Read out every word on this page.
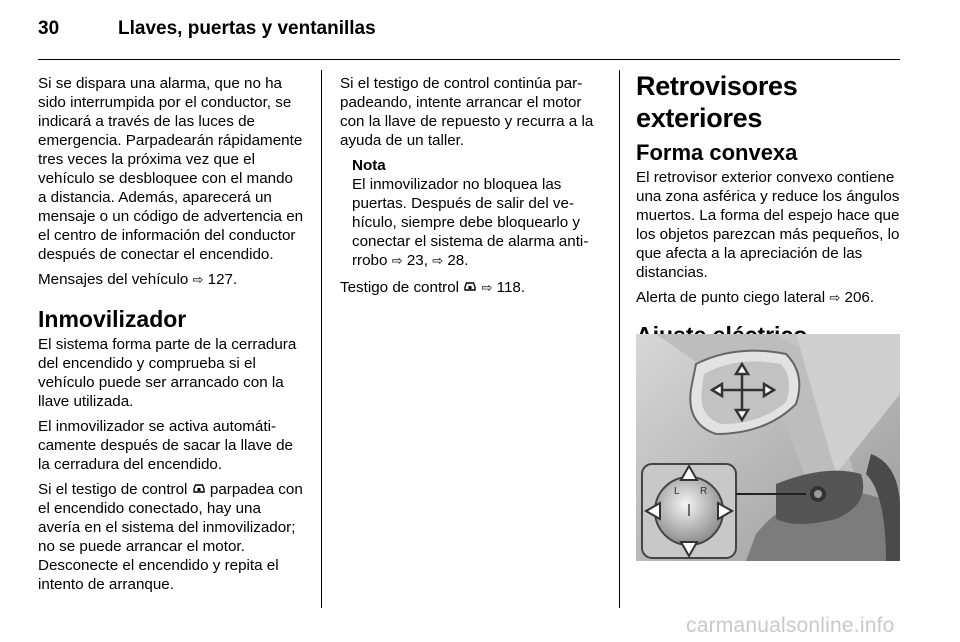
30	Llaves, puertas y ventanillas

Si se dispara una alarma, que no ha sido interrumpida por el conductor, se indicará a través de las luces de emergencia. Parpadearán rápidamente tres veces la próxima vez que el vehículo se desbloquee con el mando a distancia. Además, aparecerá un mensaje o un código de advertencia en el centro de información del conductor después de conectar el encendido.

Mensajes del vehículo ⇨ 127.

Inmovilizador

El sistema forma parte de la cerradura del encendido y comprueba si el vehículo puede ser arrancado con la llave utilizada.

El inmovilizador se activa automáticamente después de sacar la llave de la cerradura del encendido.

Si el testigo de control parpadea con el encendido conectado, hay una avería en el sistema del inmovilizador; no se puede arrancar el motor. Desconecte el encendido y repita el intento de arranque.

Si el testigo de control continúa parpadeando, intente arrancar el motor con la llave de repuesto y recurra a la ayuda de un taller.

Nota
El inmovilizador no bloquea las puertas. Después de salir del vehículo, siempre debe bloquearlo y conectar el sistema de alarma antirrobo ⇨ 23, ⇨ 28.

Testigo de control ⇨ 118.

Retrovisores exteriores
Forma convexa

El retrovisor exterior convexo contiene una zona asférica y reduce los ángulos muertos. La forma del espejo hace que los objetos parezcan más pequeños, lo que afecta a la apreciación de las distancias.

Alerta de punto ciego lateral ⇨ 206.

L R
carmanualsonline.info
